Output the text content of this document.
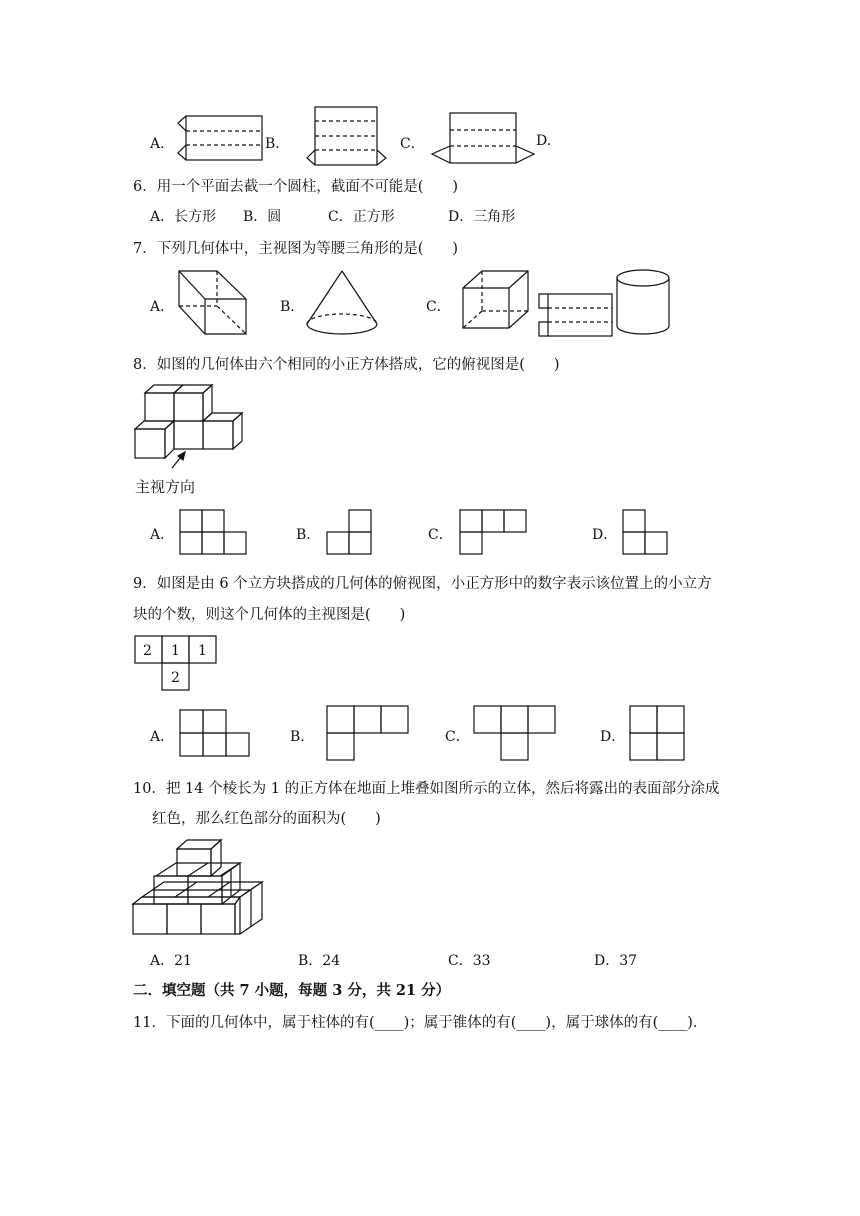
A．	B．	C．	D.
6．用一个平面去截一个圆柱，截面不可能是(　　)
A．长方形 B．圆	C．正方形	D．三角形
7．下列几何体中，主视图为等腰三角形的是(　　)
A．	B．	C．
8．如图的几何体由六个相同的小正方体搭成，它的俯视图是(　　)
主视方向
A．	B．	C．	D．
9．如图是由 6 个立方块搭成的几何体的俯视图，小正方形中的数字表示该位置上的小立方
块的个数，则这个几何体的主视图是(　　)
2 1 1
2
A．	B．	C．	D．
10．把 14 个棱长为 1 的正方体在地面上堆叠如图所示的立体，然后将露出的表面部分涂成
红色，那么红色部分的面积为(　　)
A．21	B．24	C．33	D．37
二．填空题（共 7 小题，每题 3 分，共 21 分）
11．下面的几何体中，属于柱体的有(____)；属于锥体的有(____)，属于球体的有(____)．
